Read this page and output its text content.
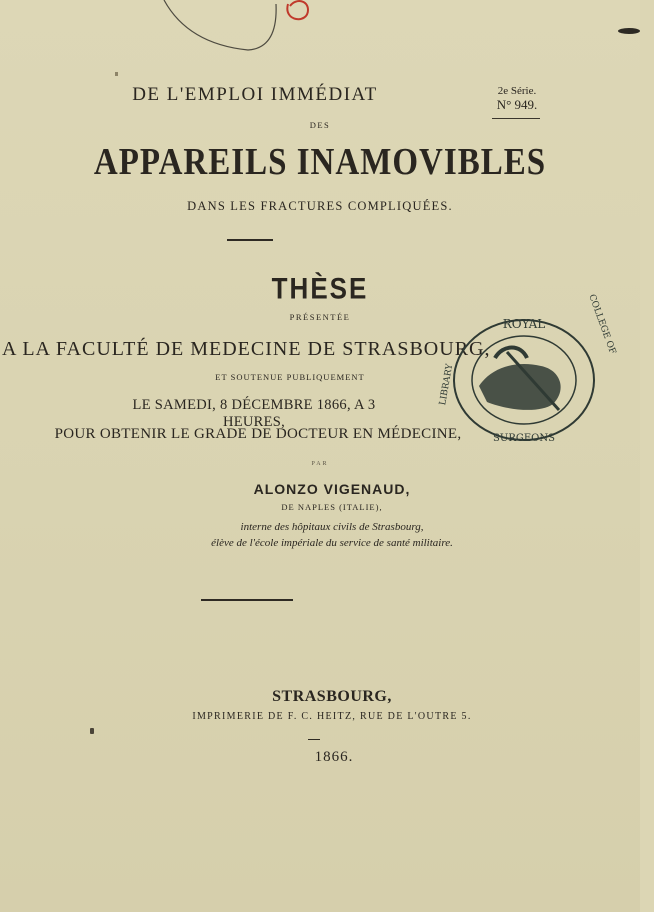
DE L'EMPLOI IMMÉDIAT	2e Série.
N° 949.
DES
APPAREILS INAMOVIBLES
DANS LES FRACTURES COMPLIQUÉES.
THÈSE
PRÉSENTÉE
A LA FACULTÉ DE MEDECINE DE STRASBOURG,
ET SOUTENUE PUBLIQUEMENT
LE SAMEDI, 8 DÉCEMBRE 1866, A 3 HEURES,
POUR OBTENIR LE GRADE DE DOCTEUR EN MÉDECINE,
ROYAL
LIBRARY
COLLEGE OF
SURGEONS
PAR
ALONZO VIGENAUD,
DE NAPLES (ITALIE),
interne des hôpitaux civils de Strasbourg,
élève de l'école impériale du service de santé militaire.
STRASBOURG,
IMPRIMERIE DE F. C. HEITZ, RUE DE L'OUTRE 5.
1866.
